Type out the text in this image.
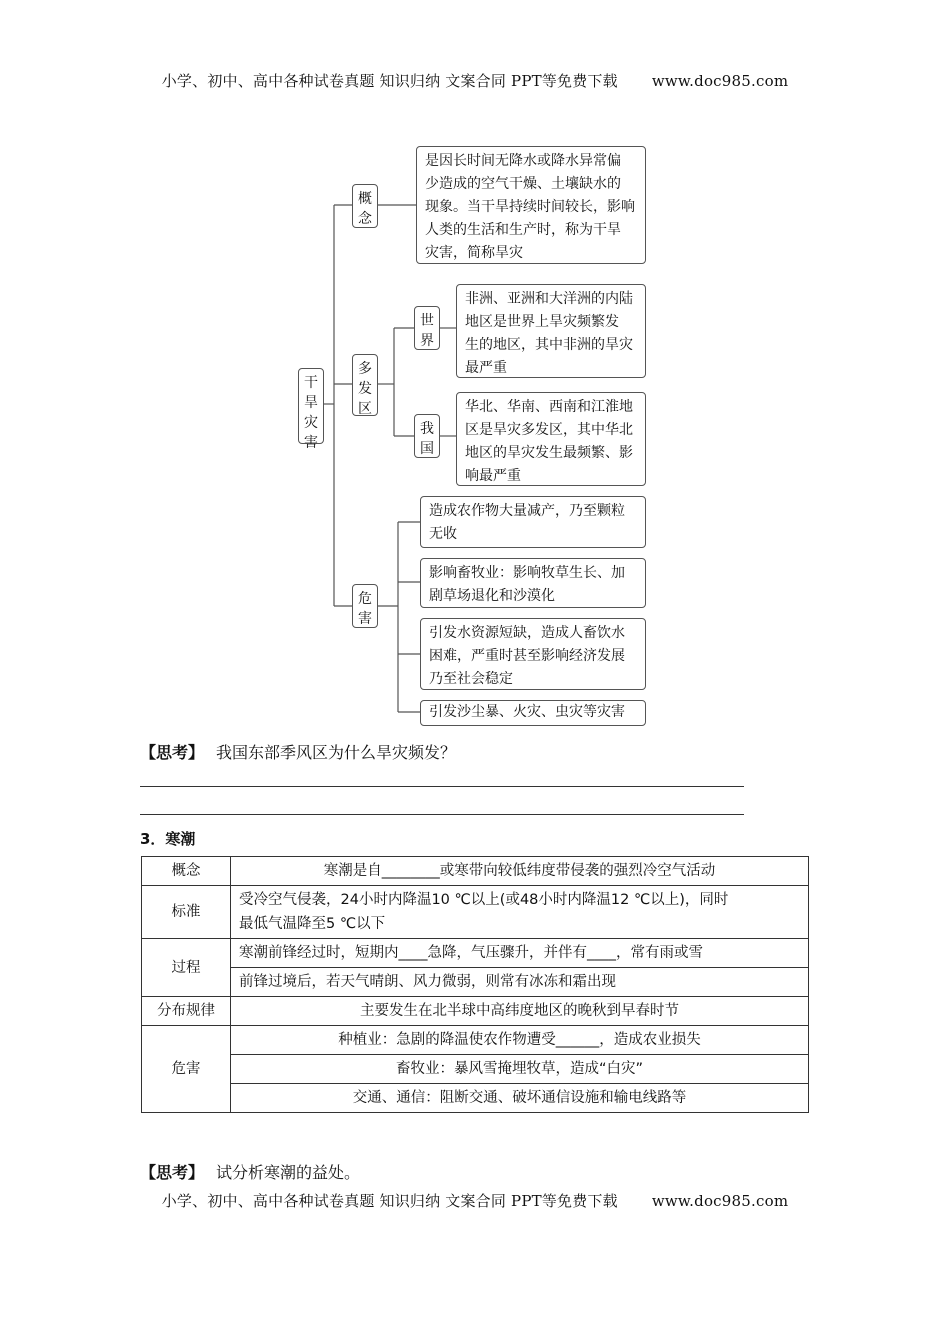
小学、初中、高中各种试卷真题 知识归纳 文案合同 PPT等免费下载 www.doc985.com
干
旱
灾
害
概
念
是因长时间无降水或降水异常偏
少造成的空气干燥、土壤缺水的
现象。当干旱持续时间较长，影响
人类的生活和生产时，称为干旱
灾害，简称旱灾
多
发
区
世
界
非洲、亚洲和大洋洲的内陆
地区是世界上旱灾频繁发
生的地区，其中非洲的旱灾
最严重
我
国
华北、华南、西南和江淮地
区是旱灾多发区，其中华北
地区的旱灾发生最频繁、影
响最严重
危
害
造成农作物大量减产，乃至颗粒
无收
影响畜牧业：影响牧草生长、加
剧草场退化和沙漠化
引发水资源短缺，造成人畜饮水
困难，严重时甚至影响经济发展
乃至社会稳定
引发沙尘暴、火灾、虫灾等灾害
【思考】 我国东部季风区为什么旱灾频发？
3．寒潮
概念	寒潮是自________或寒带向较低纬度带侵袭的强烈冷空气活动
标准	受冷空气侵袭，24小时内降温10 ℃以上(或48小时内降温12 ℃以上)，同时
最低气温降至5 ℃以下

过程	寒潮前锋经过时，短期内____急降，气压骤升，并伴有____，常有雨或雪
	前锋过境后，若天气晴朗、风力微弱，则常有冰冻和霜出现
分布规律	主要发生在北半球中高纬度地区的晚秋到早春时节
危害	种植业：急剧的降温使农作物遭受______，造成农业损失
	畜牧业：暴风雪掩埋牧草，造成“白灾”
	交通、通信：阻断交通、破坏通信设施和输电线路等
【思考】 试分析寒潮的益处。
小学、初中、高中各种试卷真题 知识归纳 文案合同 PPT等免费下载 www.doc985.com
